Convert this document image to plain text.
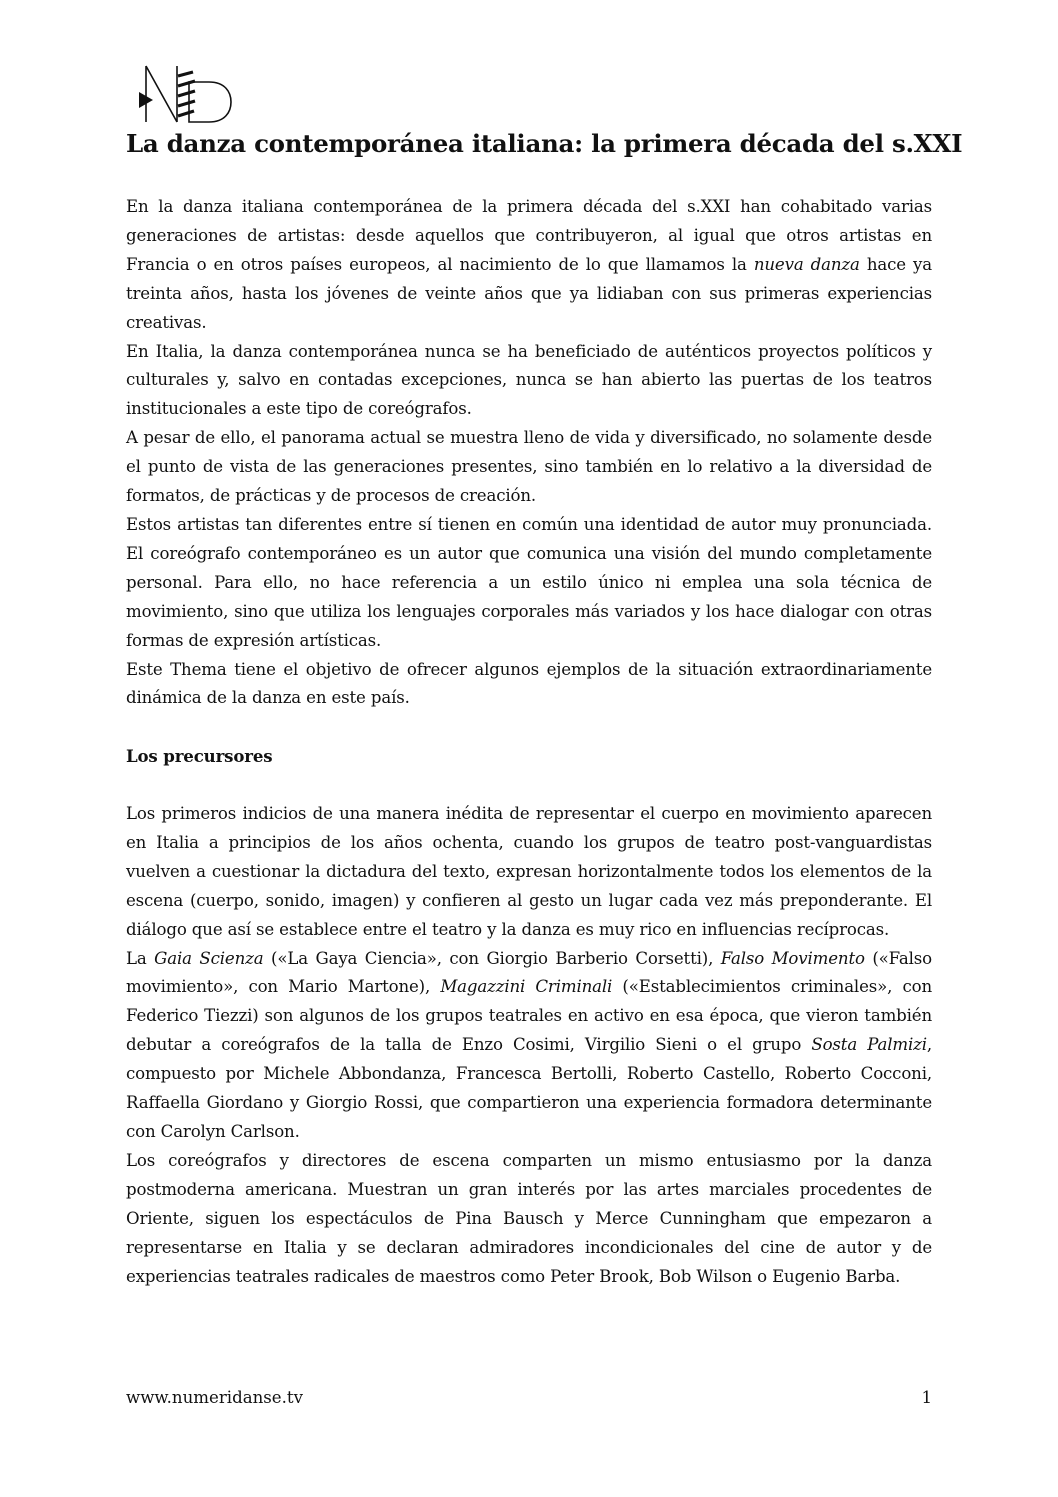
La danza contemporánea italiana: la primera década del s.XXI

En la danza italiana contemporánea de la primera década del s.XXI han cohabitado varias generaciones de artistas: desde aquellos que contribuyeron, al igual que otros artistas en Francia o en otros países europeos, al nacimiento de lo que llamamos la nueva danza hace ya treinta años, hasta los jóvenes de veinte años que ya lidiaban con sus primeras experiencias creativas.

En Italia, la danza contemporánea nunca se ha beneficiado de auténticos proyectos políticos y culturales y, salvo en contadas excepciones, nunca se han abierto las puertas de los teatros institucionales a este tipo de coreógrafos.

A pesar de ello, el panorama actual se muestra lleno de vida y diversificado, no solamente desde el punto de vista de las generaciones presentes, sino también en lo relativo a la diversidad de formatos, de prácticas y de procesos de creación.

Estos artistas tan diferentes entre sí tienen en común una identidad de autor muy pronunciada. El coreógrafo contemporáneo es un autor que comunica una visión del mundo completamente personal. Para ello, no hace referencia a un estilo único ni emplea una sola técnica de movimiento, sino que utiliza los lenguajes corporales más variados y los hace dialogar con otras formas de expresión artísticas.

Este Thema tiene el objetivo de ofrecer algunos ejemplos de la situación extraordinariamente dinámica de la danza en este país.

Los precursores

Los primeros indicios de una manera inédita de representar el cuerpo en movimiento aparecen en Italia a principios de los años ochenta, cuando los grupos de teatro post-vanguardistas vuelven a cuestionar la dictadura del texto, expresan horizontalmente todos los elementos de la escena (cuerpo, sonido, imagen) y confieren al gesto un lugar cada vez más preponderante. El diálogo que así se establece entre el teatro y la danza es muy rico en influencias recíprocas.

La Gaia Scienza («La Gaya Ciencia», con Giorgio Barberio Corsetti), Falso Movimento («Falso movimiento», con Mario Martone), Magazzini Criminali («Establecimientos criminales», con Federico Tiezzi) son algunos de los grupos teatrales en activo en esa época, que vieron también debutar a coreógrafos de la talla de Enzo Cosimi, Virgilio Sieni o el grupo Sosta Palmizi, compuesto por Michele Abbondanza, Francesca Bertolli, Roberto Castello, Roberto Cocconi, Raffaella Giordano y Giorgio Rossi, que compartieron una experiencia formadora determinante con Carolyn Carlson.

Los coreógrafos y directores de escena comparten un mismo entusiasmo por la danza postmoderna americana. Muestran un gran interés por las artes marciales procedentes de Oriente, siguen los espectáculos de Pina Bausch y Merce Cunningham que empezaron a representarse en Italia y se declaran admiradores incondicionales del cine de autor y de experiencias teatrales radicales de maestros como Peter Brook, Bob Wilson o Eugenio Barba.

www.numeridanse.tv	1
